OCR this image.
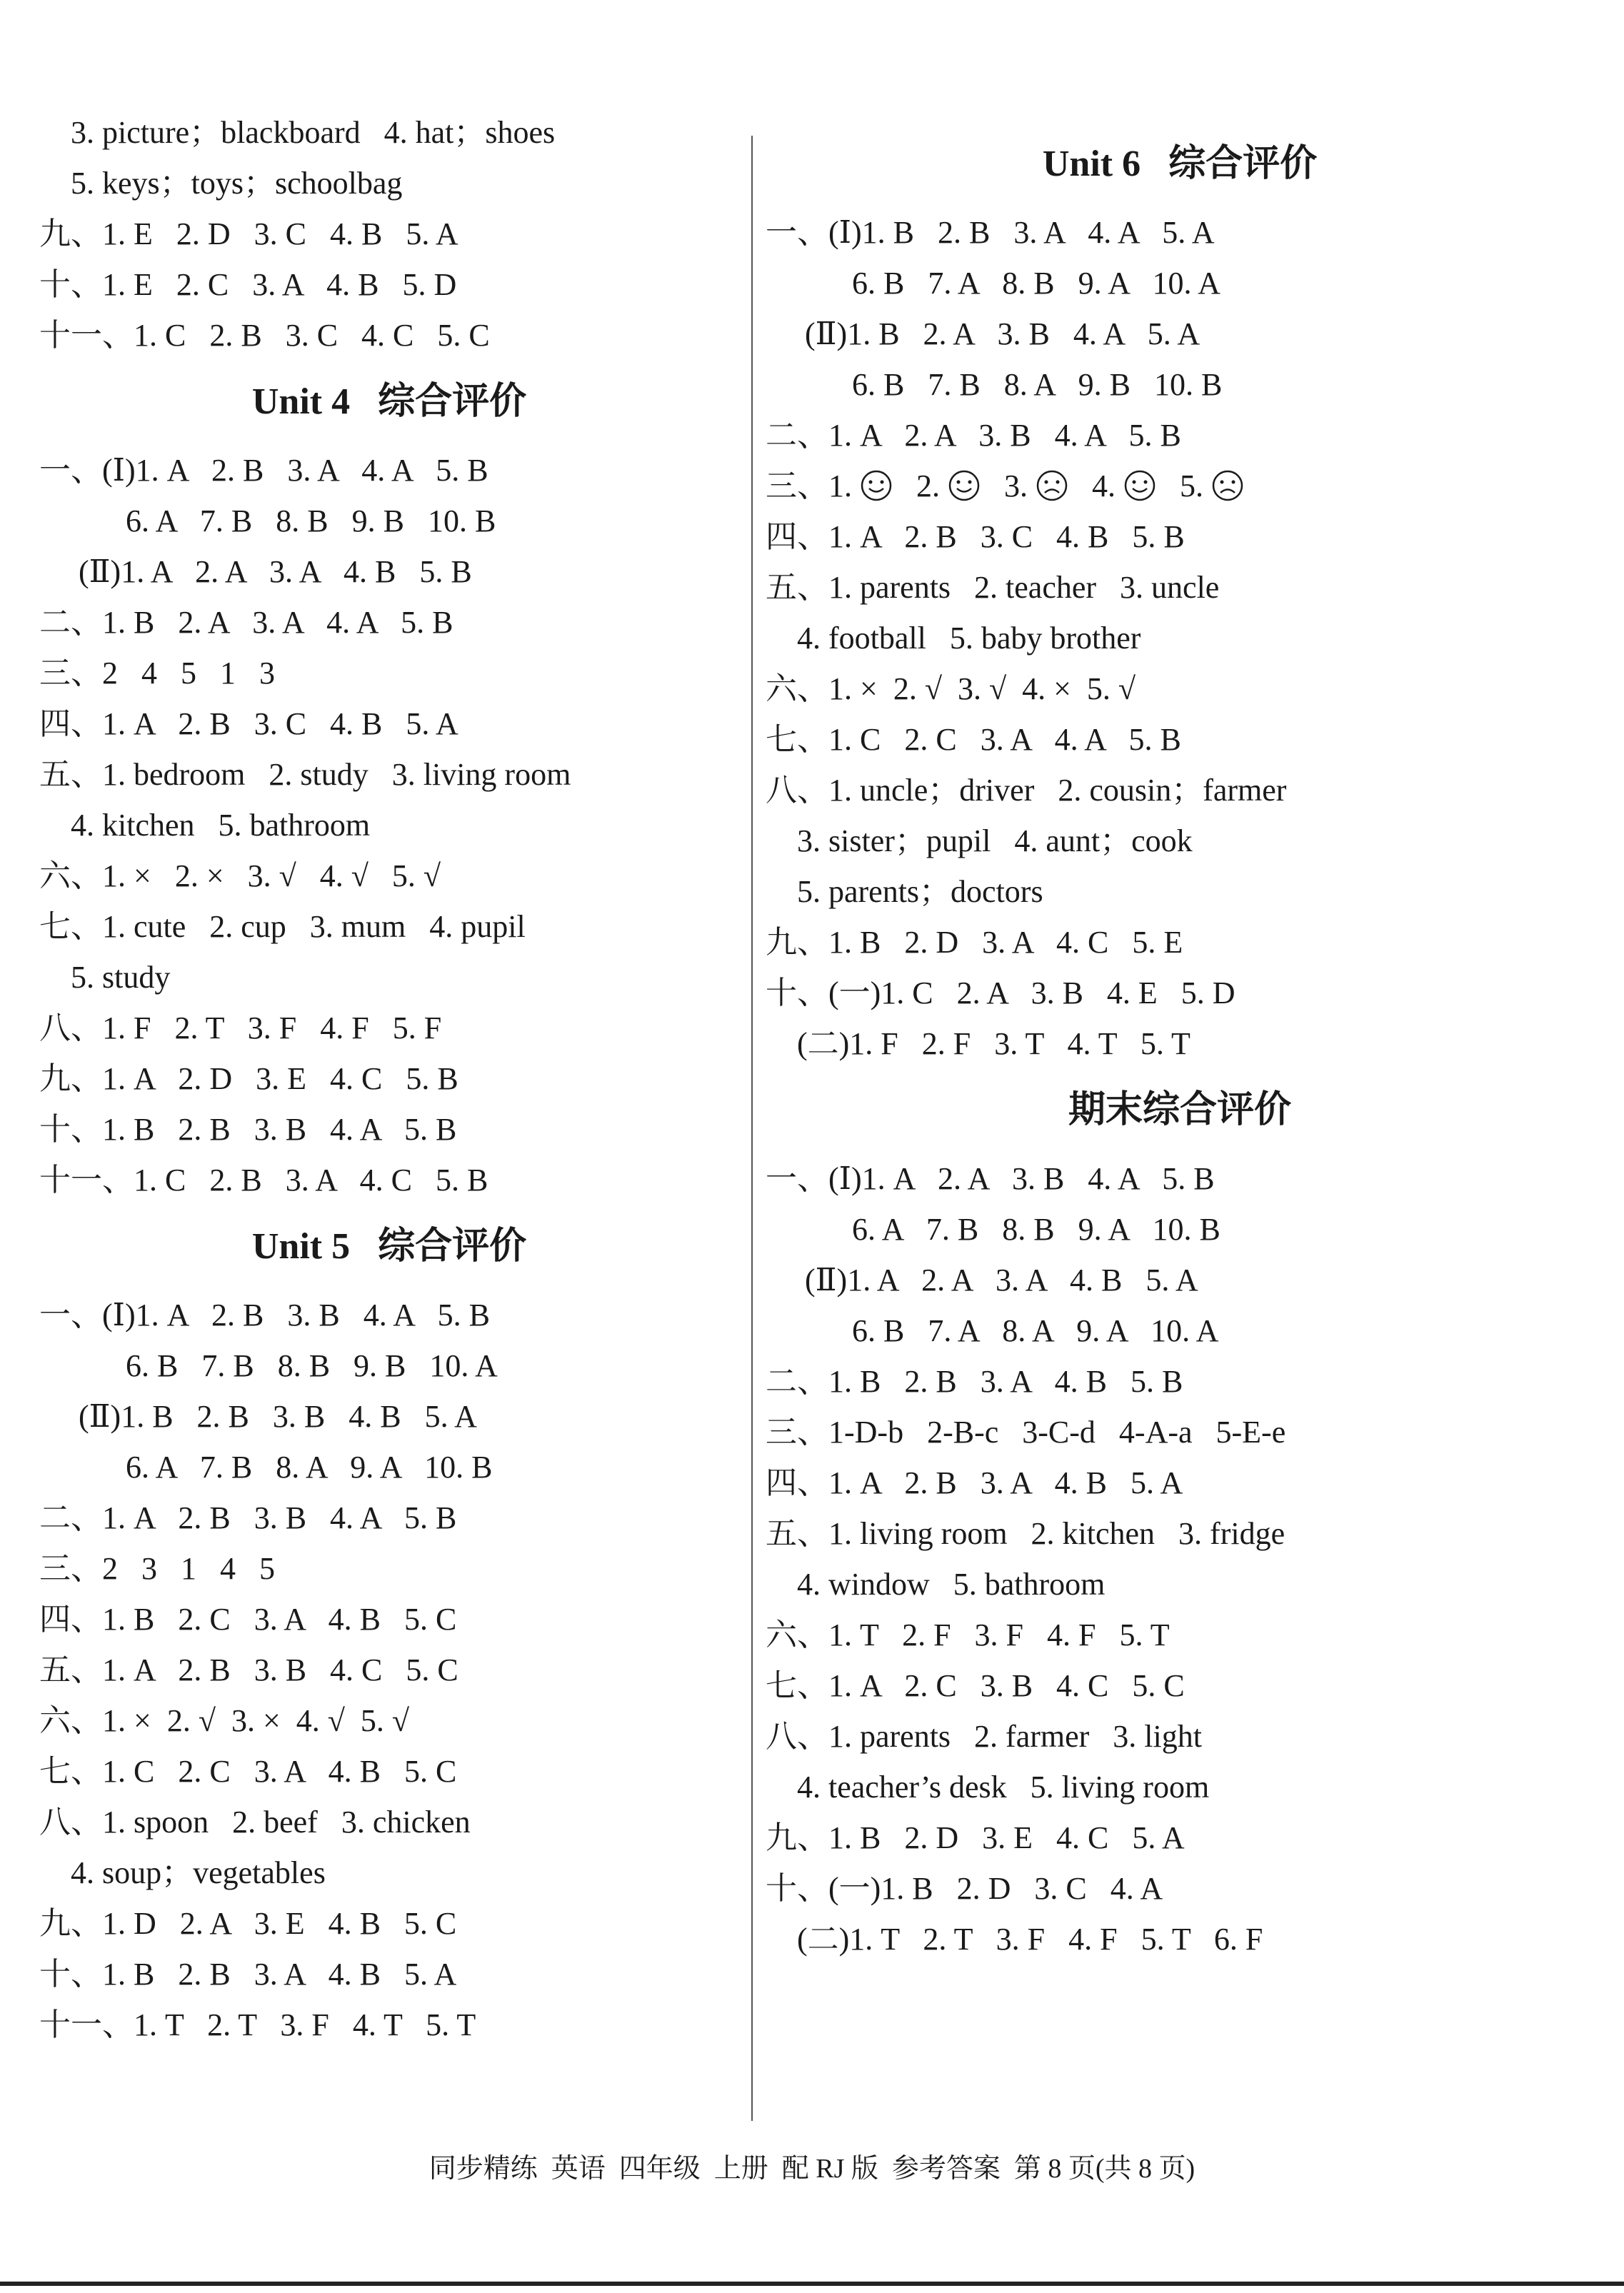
3. picture；blackboard   4. hat；shoes
5. keys；toys；schoolbag
九、1. E   2. D   3. C   4. B   5. A
十、1. E   2. C   3. A   4. B   5. D
十一、1. C   2. B   3. C   4. C   5. C
Unit 4   综合评价
一、(Ⅰ)1. A   2. B   3. A   4. A   5. B
6. A   7. B   8. B   9. B   10. B
(Ⅱ)1. A   2. A   3. A   4. B   5. B
二、1. B   2. A   3. A   4. A   5. B
三、2   4   5   1   3
四、1. A   2. B   3. C   4. B   5. A
五、1. bedroom   2. study   3. living room
4. kitchen   5. bathroom
六、1. ×   2. ×   3. √   4. √   5. √
七、1. cute   2. cup   3. mum   4. pupil
5. study
八、1. F   2. T   3. F   4. F   5. F
九、1. A   2. D   3. E   4. C   5. B
十、1. B   2. B   3. B   4. A   5. B
十一、1. C   2. B   3. A   4. C   5. B
Unit 5   综合评价
一、(Ⅰ)1. A   2. B   3. B   4. A   5. B
6. B   7. B   8. B   9. B   10. A
(Ⅱ)1. B   2. B   3. B   4. B   5. A
6. A   7. B   8. A   9. A   10. B
二、1. A   2. B   3. B   4. A   5. B
三、2   3   1   4   5
四、1. B   2. C   3. A   4. B   5. C
五、1. A   2. B   3. B   4. C   5. C
六、1. ×  2. √  3. ×  4. √  5. √
七、1. C   2. C   3. A   4. B   5. C
八、1. spoon   2. beef   3. chicken
4. soup；vegetables
九、1. D   2. A   3. E   4. B   5. C
十、1. B   2. B   3. A   4. B   5. A
十一、1. T   2. T   3. F   4. T   5. T
Unit 6   综合评价
一、(Ⅰ)1. B   2. B   3. A   4. A   5. A
6. B   7. A   8. B   9. A   10. A
(Ⅱ)1. B   2. A   3. B   4. A   5. A
6. B   7. B   8. A   9. B   10. B
二、1. A   2. A   3. B   4. A   5. B
三、1. 2. 3. 4. 5.
四、1. A   2. B   3. C   4. B   5. B
五、1. parents   2. teacher   3. uncle
4. football   5. baby brother
六、1. ×  2. √  3. √  4. ×  5. √
七、1. C   2. C   3. A   4. A   5. B
八、1. uncle；driver   2. cousin；farmer
3. sister；pupil   4. aunt；cook
5. parents；doctors
九、1. B   2. D   3. A   4. C   5. E
十、(一)1. C   2. A   3. B   4. E   5. D
(二)1. F   2. F   3. T   4. T   5. T
期末综合评价
一、(Ⅰ)1. A   2. A   3. B   4. A   5. B
6. A   7. B   8. B   9. A   10. B
(Ⅱ)1. A   2. A   3. A   4. B   5. A
6. B   7. A   8. A   9. A   10. A
二、1. B   2. B   3. A   4. B   5. B
三、1-D-b   2-B-c   3-C-d   4-A-a   5-E-e
四、1. A   2. B   3. A   4. B   5. A
五、1. living room   2. kitchen   3. fridge
4. window   5. bathroom
六、1. T   2. F   3. F   4. F   5. T
七、1. A   2. C   3. B   4. C   5. C
八、1. parents   2. farmer   3. light
4. teacher’s desk   5. living room
九、1. B   2. D   3. E   4. C   5. A
十、(一)1. B   2. D   3. C   4. A
(二)1. T   2. T   3. F   4. F   5. T   6. F
同步精练  英语  四年级  上册  配 RJ 版  参考答案  第 8 页(共 8 页)
